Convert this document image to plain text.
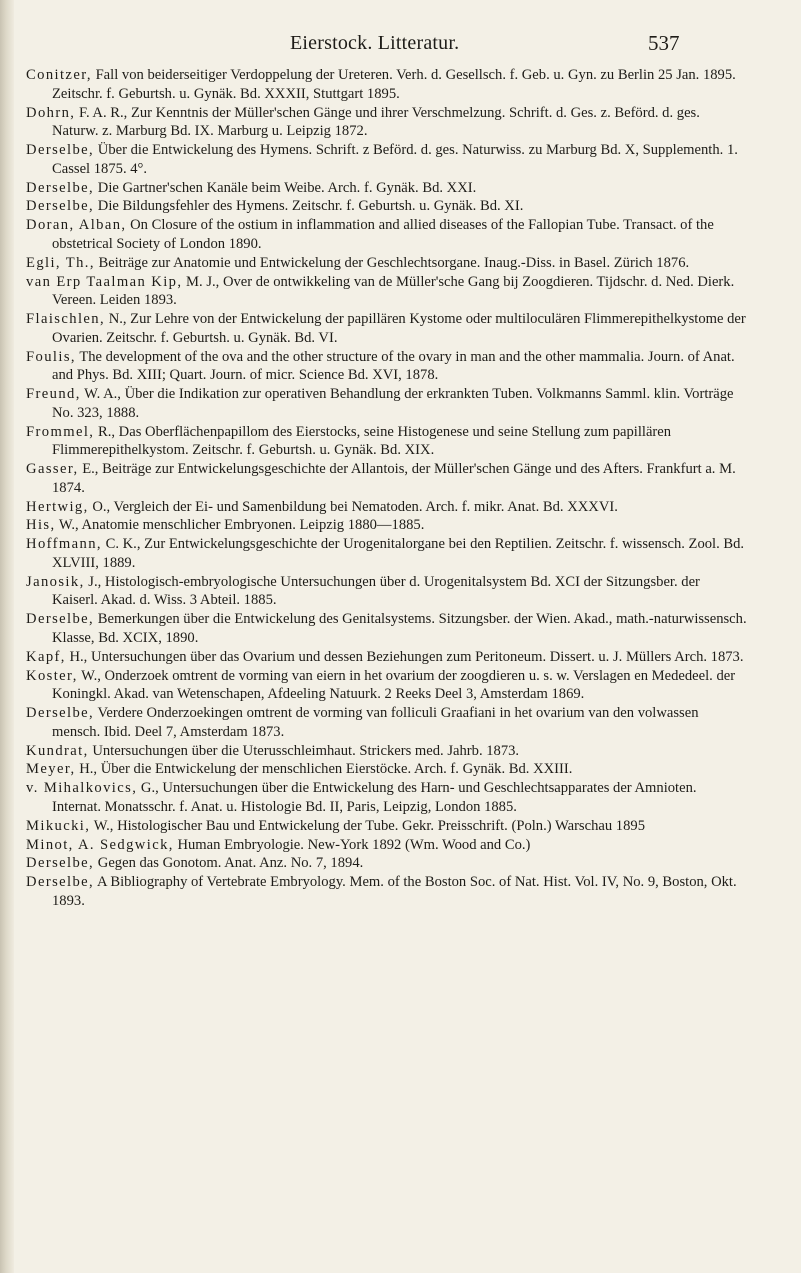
Eierstock. Litteratur.	537

Conitzer, Fall von beiderseitiger Verdoppelung der Ureteren. Verh. d. Gesellsch. f. Geb. u. Gyn. zu Berlin 25 Jan. 1895. Zeitschr. f. Geburtsh. u. Gynäk. Bd. XXXII, Stuttgart 1895.

Dohrn, F. A. R., Zur Kenntnis der Müller'schen Gänge und ihrer Verschmelzung. Schrift. d. Ges. z. Beförd. d. ges. Naturw. z. Marburg Bd. IX. Marburg u. Leipzig 1872.

Derselbe, Über die Entwickelung des Hymens. Schrift. z Beförd. d. ges. Naturwiss. zu Marburg Bd. X, Supplementh. 1. Cassel 1875. 4°.

Derselbe, Die Gartner'schen Kanäle beim Weibe. Arch. f. Gynäk. Bd. XXI.

Derselbe, Die Bildungsfehler des Hymens. Zeitschr. f. Geburtsh. u. Gynäk. Bd. XI.

Doran, Alban, On Closure of the ostium in inflammation and allied diseases of the Fallopian Tube. Transact. of the obstetrical Society of London 1890.

Egli, Th., Beiträge zur Anatomie und Entwickelung der Geschlechtsorgane. Inaug.-Diss. in Basel. Zürich 1876.

van Erp Taalman Kip, M. J., Over de ontwikkeling van de Müller'sche Gang bij Zoogdieren. Tijdschr. d. Ned. Dierk. Vereen. Leiden 1893.

Flaischlen, N., Zur Lehre von der Entwickelung der papillären Kystome oder multiloculären Flimmerepithelkystome der Ovarien. Zeitschr. f. Geburtsh. u. Gynäk. Bd. VI.

Foulis, The development of the ova and the other structure of the ovary in man and the other mammalia. Journ. of Anat. and Phys. Bd. XIII; Quart. Journ. of micr. Science Bd. XVI, 1878.

Freund, W. A., Über die Indikation zur operativen Behandlung der erkrankten Tuben. Volkmanns Samml. klin. Vorträge No. 323, 1888.

Frommel, R., Das Oberflächenpapillom des Eierstocks, seine Histogenese und seine Stellung zum papillären Flimmerepithelkystom. Zeitschr. f. Geburtsh. u. Gynäk. Bd. XIX.

Gasser, E., Beiträge zur Entwickelungsgeschichte der Allantois, der Müller'schen Gänge und des Afters. Frankfurt a. M. 1874.

Hertwig, O., Vergleich der Ei- und Samenbildung bei Nematoden. Arch. f. mikr. Anat. Bd. XXXVI.

His, W., Anatomie menschlicher Embryonen. Leipzig 1880—1885.

Hoffmann, C. K., Zur Entwickelungsgeschichte der Urogenitalorgane bei den Reptilien. Zeitschr. f. wissensch. Zool. Bd. XLVIII, 1889.

Janosik, J., Histologisch-embryologische Untersuchungen über d. Urogenitalsystem Bd. XCI der Sitzungsber. der Kaiserl. Akad. d. Wiss. 3 Abteil. 1885.

Derselbe, Bemerkungen über die Entwickelung des Genitalsystems. Sitzungsber. der Wien. Akad., math.-naturwissensch. Klasse, Bd. XCIX, 1890.

Kapf, H., Untersuchungen über das Ovarium und dessen Beziehungen zum Peritoneum. Dissert. u. J. Müllers Arch. 1873.

Koster, W., Onderzoek omtrent de vorming van eiern in het ovarium der zoogdieren u. s. w. Verslagen en Mededeel. der Koningkl. Akad. van Wetenschapen, Afdeeling Natuurk. 2 Reeks Deel 3, Amsterdam 1869.

Derselbe, Verdere Onderzoekingen omtrent de vorming van folliculi Graafiani in het ovarium van den volwassen mensch. Ibid. Deel 7, Amsterdam 1873.

Kundrat, Untersuchungen über die Uterusschleimhaut. Strickers med. Jahrb. 1873.

Meyer, H., Über die Entwickelung der menschlichen Eierstöcke. Arch. f. Gynäk. Bd. XXIII.

v. Mihalkovics, G., Untersuchungen über die Entwickelung des Harn- und Geschlechtsapparates der Amnioten. Internat. Monatsschr. f. Anat. u. Histologie Bd. II, Paris, Leipzig, London 1885.

Mikucki, W., Histologischer Bau und Entwickelung der Tube. Gekr. Preisschrift. (Poln.) Warschau 1895

Minot, A. Sedgwick, Human Embryologie. New-York 1892 (Wm. Wood and Co.)

Derselbe, Gegen das Gonotom. Anat. Anz. No. 7, 1894.

Derselbe, A Bibliography of Vertebrate Embryology. Mem. of the Boston Soc. of Nat. Hist. Vol. IV, No. 9, Boston, Okt. 1893.
